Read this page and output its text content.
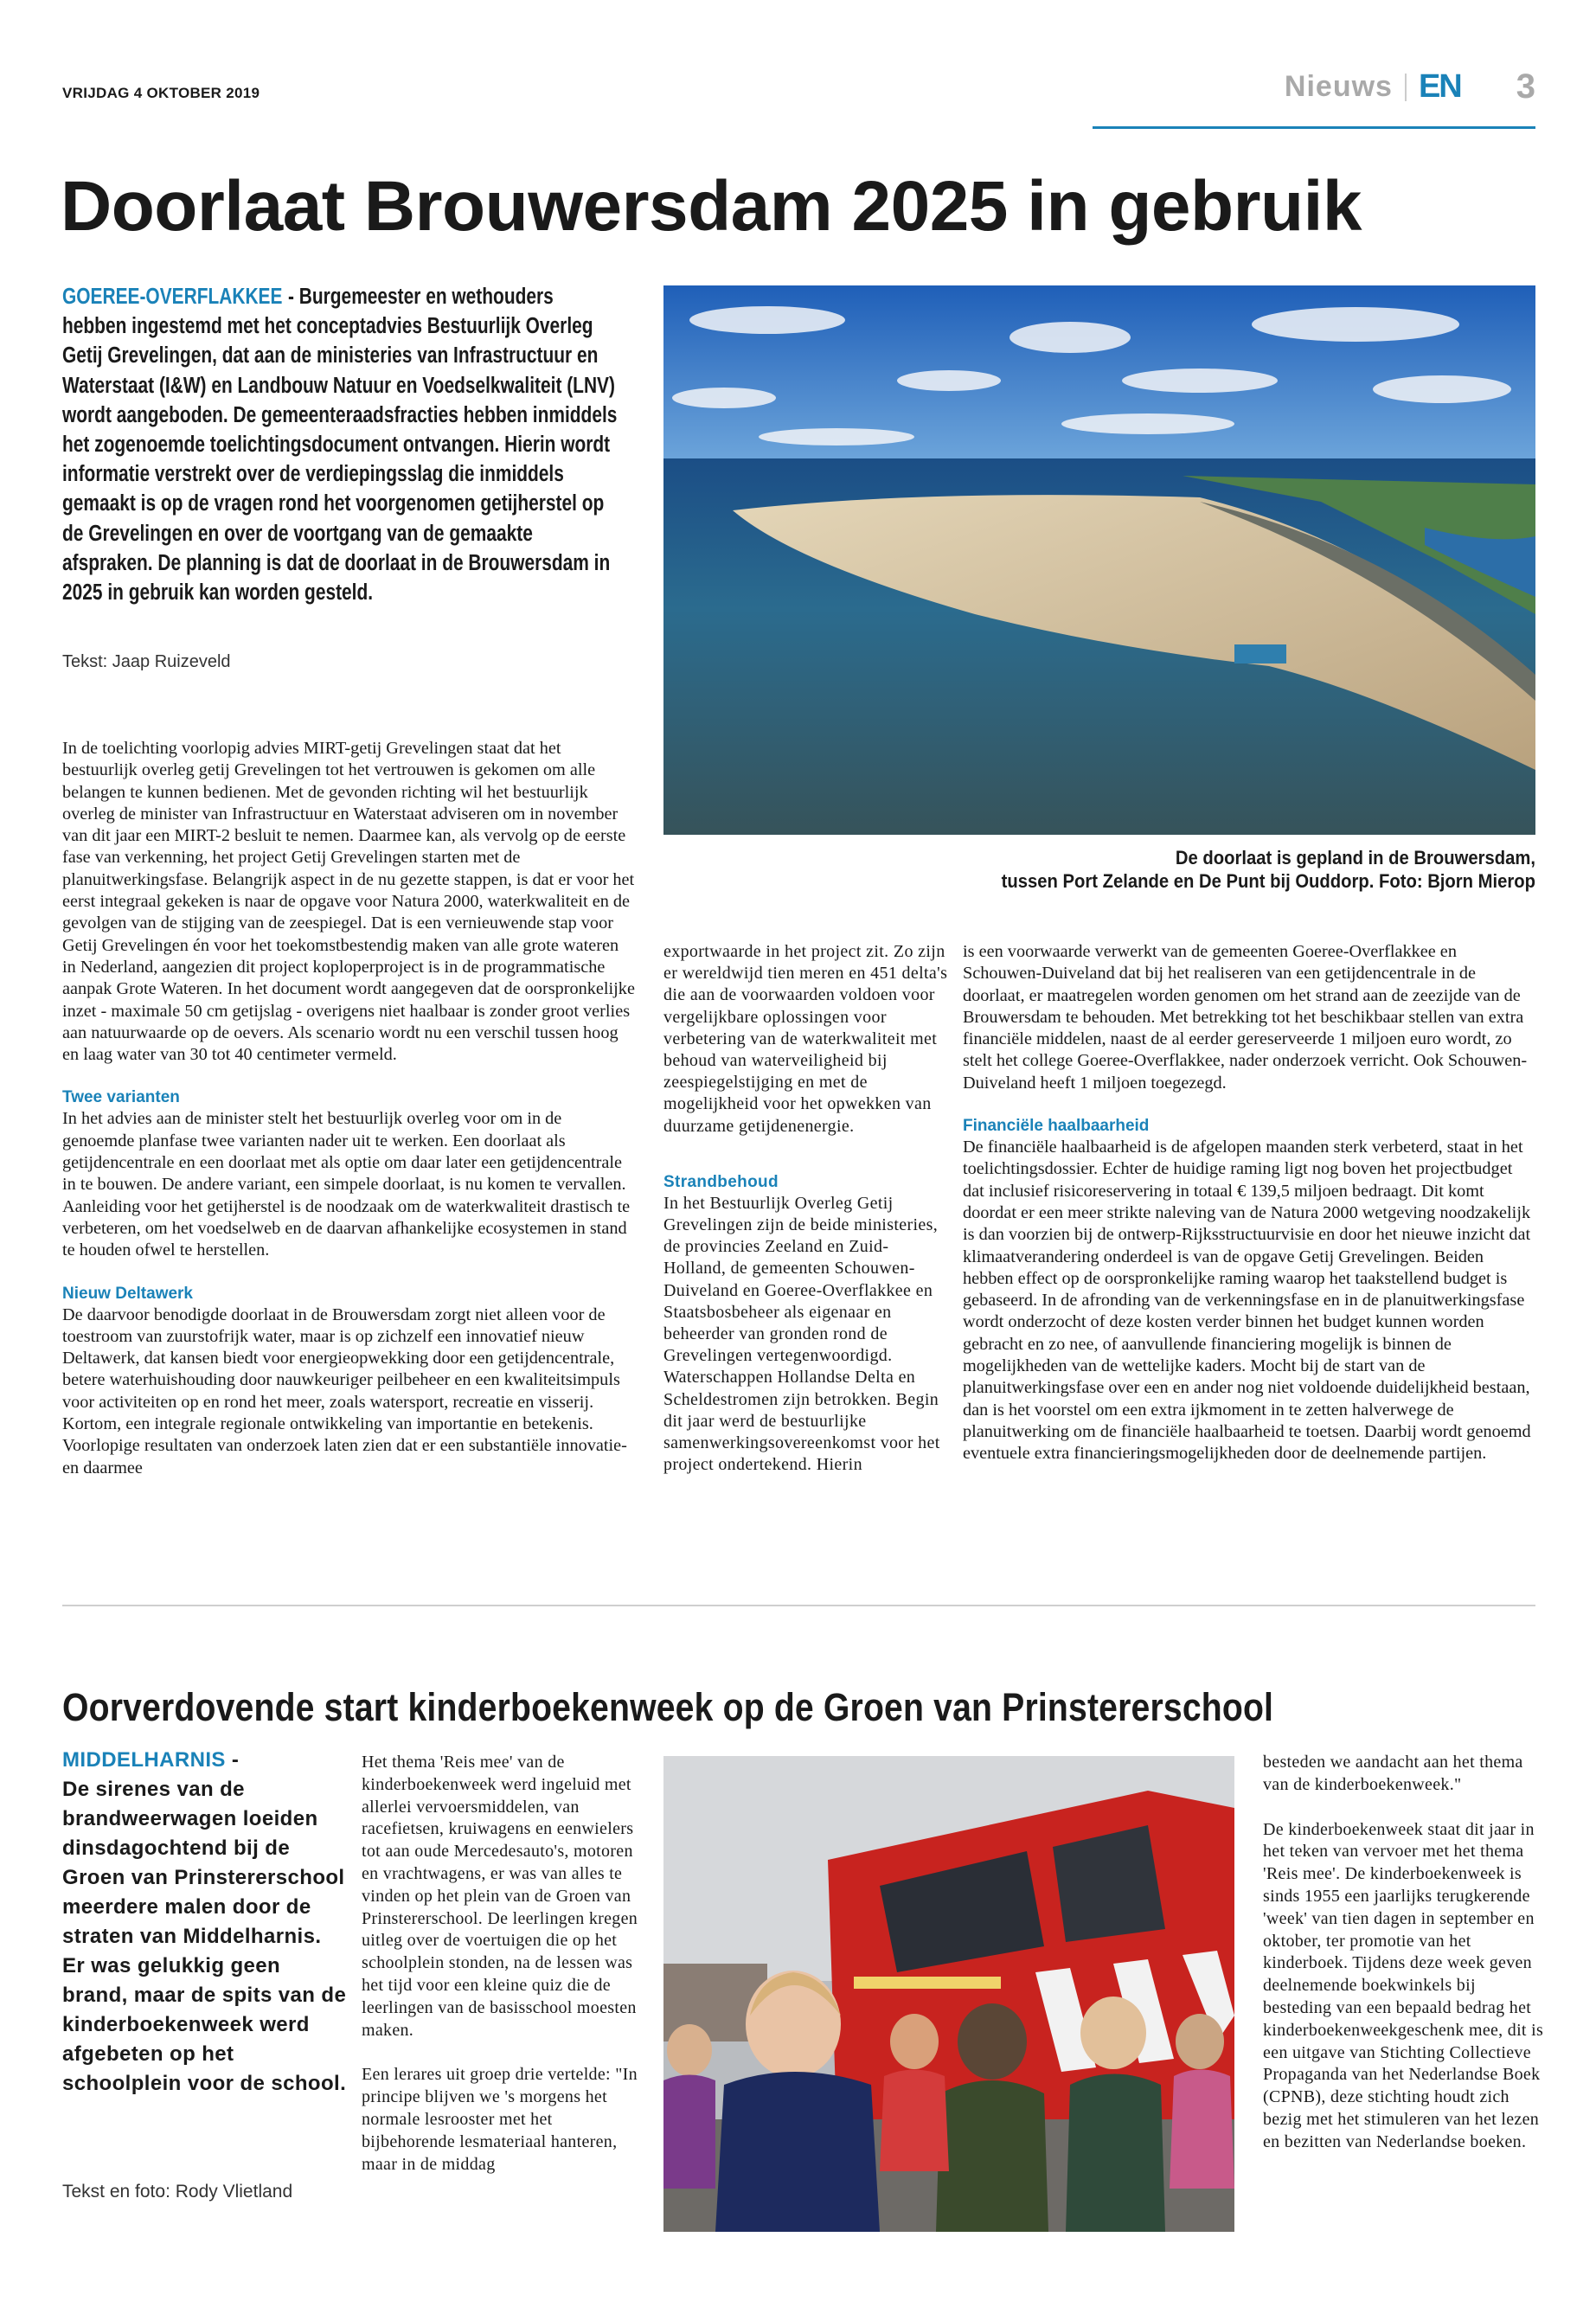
VRIJDAG 4 OKTOBER 2019	Nieuws EN 3
Doorlaat Brouwersdam 2025 in gebruik
GOEREE-OVERFLAKKEE - Burgemeester en wethouders hebben ingestemd met het conceptadvies Bestuurlijk Overleg Getij Grevelingen, dat aan de ministeries van Infrastructuur en Waterstaat (I&W) en Landbouw Natuur en Voedselkwaliteit (LNV) wordt aangeboden. De gemeenteraadsfracties hebben inmiddels het zogenoemde toelichtingsdocument ontvangen. Hierin wordt informatie verstrekt over de verdiepingsslag die inmiddels gemaakt is op de vragen rond het voorgenomen getijherstel op de Grevelingen en over de voortgang van de gemaakte afspraken. De planning is dat de doorlaat in de Brouwersdam in 2025 in gebruik kan worden gesteld.
Tekst: Jaap Ruizeveld

In de toelichting voorlopig advies MIRT-getij Grevelingen staat dat het bestuurlijk overleg getij Grevelingen tot het vertrouwen is gekomen om alle belangen te kunnen bedienen. Met de gevonden richting wil het bestuurlijk overleg de minister van Infrastructuur en Waterstaat adviseren om in november van dit jaar een MIRT-2 besluit te nemen. Daarmee kan, als vervolg op de eerste fase van verkenning, het project Getij Grevelingen starten met de planuitwerkingsfase. Belangrijk aspect in de nu gezette stappen, is dat er voor het eerst integraal gekeken is naar de opgave voor Natura 2000, waterkwaliteit en de gevolgen van de stijging van de zeespiegel. Dat is een vernieuwende stap voor Getij Grevelingen én voor het toekomstbestendig maken van alle grote wateren in Nederland, aangezien dit project koploperproject is in de programmatische aanpak Grote Wateren. In het document wordt aangegeven dat de oorspronkelijke inzet - maximale 50 cm getijslag - overigens niet haalbaar is zonder groot verlies aan natuurwaarde op de oevers. Als scenario wordt nu een verschil tussen hoog en laag water van 30 tot 40 centimeter vermeld.

Twee varianten

In het advies aan de minister stelt het bestuurlijk overleg voor om in de genoemde planfase twee varianten nader uit te werken. Een doorlaat als getijdencentrale en een doorlaat met als optie om daar later een getijdencentrale in te bouwen. De andere variant, een simpele doorlaat, is nu komen te vervallen. Aanleiding voor het getijherstel is de noodzaak om de waterkwaliteit drastisch te verbeteren, om het voedselweb en de daarvan afhankelijke ecosystemen in stand te houden ofwel te herstellen.

Nieuw Deltawerk

De daarvoor benodigde doorlaat in de Brouwersdam zorgt niet alleen voor de toestroom van zuurstofrijk water, maar is op zichzelf een innovatief nieuw Deltawerk, dat kansen biedt voor energieopwekking door een getijdencentrale, betere waterhuishouding door nauwkeuriger peilbeheer en een kwaliteitsimpuls voor activiteiten op en rond het meer, zoals watersport, recreatie en visserij. Kortom, een integrale regionale ontwikkeling van importantie en betekenis. Voorlopige resultaten van onderzoek laten zien dat er een substantiële innovatie- en daarmee

De doorlaat is gepland in de Brouwersdam,
tussen Port Zelande en De Punt bij Ouddorp. Foto: Bjorn Mierop

exportwaarde in het project zit. Zo zijn er wereldwijd tien meren en 451 delta's die aan de voorwaarden voldoen voor vergelijkbare oplossingen voor verbetering van de waterkwaliteit met behoud van waterveiligheid bij zeespiegelstijging en met de mogelijkheid voor het opwekken van duurzame getijdenenergie.

Strandbehoud

In het Bestuurlijk Overleg Getij Grevelingen zijn de beide ministeries, de provincies Zeeland en Zuid-Holland, de gemeenten Schouwen-Duiveland en Goeree-Overflakkee en Staatsbosbeheer als eigenaar en beheerder van gronden rond de Grevelingen vertegenwoordigd. Waterschappen Hollandse Delta en Scheldestromen zijn betrokken. Begin dit jaar werd de bestuurlijke samenwerkingsovereenkomst voor het project ondertekend. Hierin

is een voorwaarde verwerkt van de gemeenten Goeree-Overflakkee en Schouwen-Duiveland dat bij het realiseren van een getijdencentrale in de doorlaat, er maatregelen worden genomen om het strand aan de zeezijde van de Brouwersdam te behouden. Met betrekking tot het beschikbaar stellen van extra financiële middelen, naast de al eerder gereserveerde 1 miljoen euro wordt, zo stelt het college Goeree-Overflakkee, nader onderzoek verricht. Ook Schouwen-Duiveland heeft 1 miljoen toegezegd.

Financiële haalbaarheid

De financiële haalbaarheid is de afgelopen maanden sterk verbeterd, staat in het toelichtingsdossier. Echter de huidige raming ligt nog boven het projectbudget dat inclusief risicoreservering in totaal € 139,5 miljoen bedraagt. Dit komt doordat er een meer strikte naleving van de Natura 2000 wetgeving noodzakelijk is dan voorzien bij de ontwerp-Rijksstructuurvisie en door het nieuwe inzicht dat klimaatverandering onderdeel is van de opgave Getij Grevelingen. Beiden hebben effect op de oorspronkelijke raming waarop het taakstellend budget is gebaseerd. In de afronding van de verkenningsfase en in de planuitwerkingsfase wordt onderzocht of deze kosten verder binnen het budget kunnen worden gebracht en zo nee, of aanvullende financiering mogelijk is binnen de mogelijkheden van de wettelijke kaders. Mocht bij de start van de planuitwerkingsfase over een en ander nog niet voldoende duidelijkheid bestaan, dan is het voorstel om een extra ijkmoment in te zetten halverwege de planuitwerking om de financiële haalbaarheid te toetsen. Daarbij wordt genoemd eventuele extra financieringsmogelijkheden door de deelnemende partijen.

Oorverdovende start kinderboekenweek op de Groen van Prinstererschool
MIDDELHARNIS -
De sirenes van de brandweerwagen loeiden dinsdagochtend bij de Groen van Prinstererschool meerdere malen door de straten van Middelharnis. Er was gelukkig geen brand, maar de spits van de kinderboekenweek werd afgebeten op het schoolplein voor de school.
Tekst en foto: Rody Vlietland

Het thema 'Reis mee' van de kinderboekenweek werd ingeluid met allerlei vervoersmiddelen, van racefietsen, kruiwagens en eenwielers tot aan oude Mercedesauto's, motoren en vrachtwagens, er was van alles te vinden op het plein van de Groen van Prinstererschool. De leerlingen kregen uitleg over de voertuigen die op het schoolplein stonden, na de lessen was het tijd voor een kleine quiz die de leerlingen van de basisschool moesten maken.

Een lerares uit groep drie vertelde: "In principe blijven we 's morgens het normale lesrooster met het bijbehorende lesmateriaal hanteren, maar in de middag

besteden we aandacht aan het thema van de kinderboekenweek."

De kinderboekenweek staat dit jaar in het teken van vervoer met het thema 'Reis mee'. De kinderboekenweek is sinds 1955 een jaarlijks terugkerende 'week' van tien dagen in september en oktober, ter promotie van het kinderboek. Tijdens deze week geven deelnemende boekwinkels bij besteding van een bepaald bedrag het kinderboekenweekgeschenk mee, dit is een uitgave van Stichting Collectieve Propaganda van het Nederlandse Boek (CPNB), deze stichting houdt zich bezig met het stimuleren van het lezen en bezitten van Nederlandse boeken.
